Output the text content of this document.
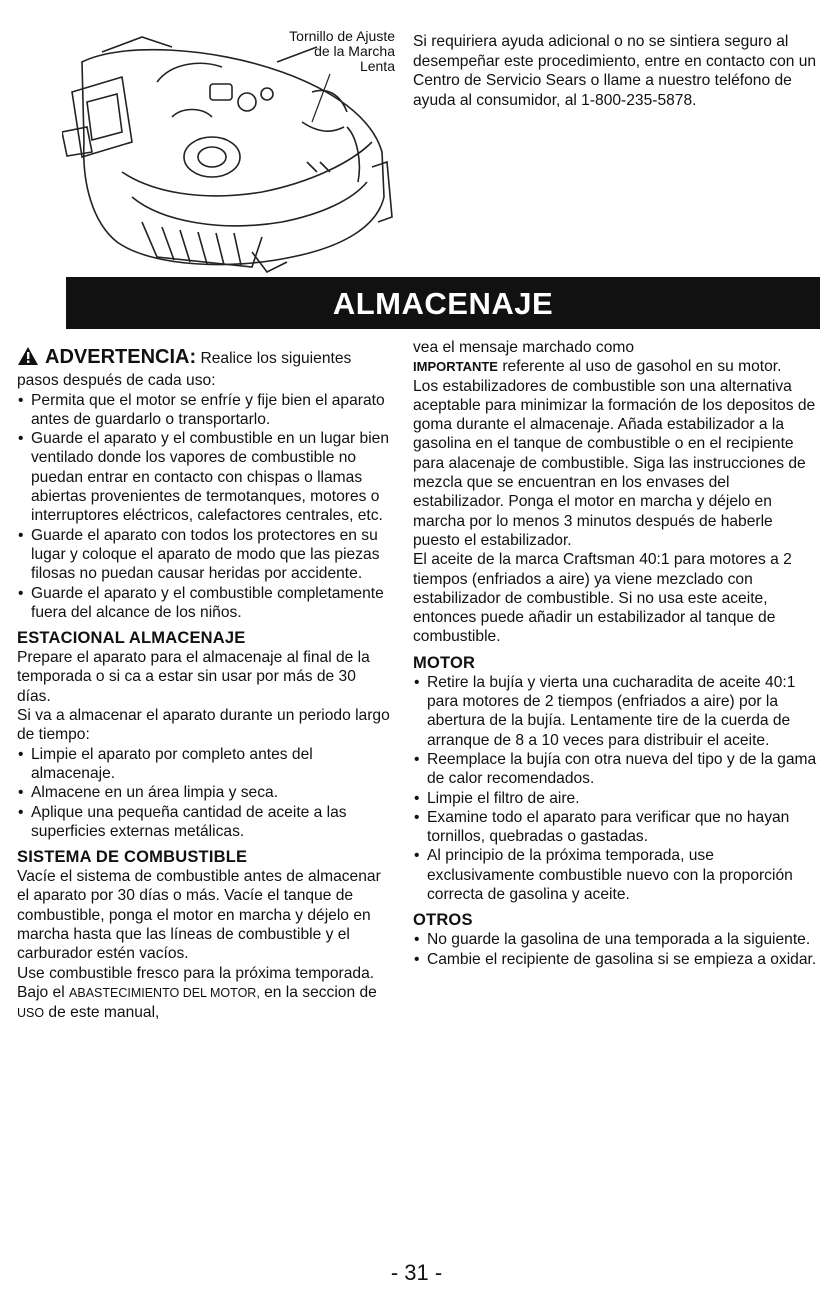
Tornillo de Ajuste
de la Marcha
Lenta
Si requiriera ayuda adicional o no se sintiera seguro al desempeñar este procedimiento, entre en contacto con un Centro de Servicio Sears o llame a nuestro teléfono de ayuda al consumidor, al 1-800-235-5878.
ALMACENAJE

ADVERTENCIA: Realice los siguientes pasos después de cada uso:

• Permita que el motor se enfríe y fije bien el aparato antes de guardarlo o transportarlo.
• Guarde el aparato y el combustible en un lugar bien ventilado donde los vapores de combustible no puedan entrar en contacto con chispas o llamas abiertas provenientes de termotanques, motores o interruptores eléctricos, calefactores centrales, etc.
• Guarde el aparato con todos los protectores en su lugar y coloque el aparato de modo que las piezas filosas no puedan causar heridas por accidente.
• Guarde el aparato y el combustible completamente fuera del alcance de los niños.
ESTACIONAL ALMACENAJE

Prepare el aparato para el almacenaje al final de la temporada o si ca a estar sin usar por más de 30 días.

Si va a almacenar el aparato durante un periodo largo de tiempo:

• Limpie el aparato por completo antes del almacenaje.
• Almacene en un área limpia y seca.
• Aplique una pequeña cantidad de aceite a las superficies externas metálicas.
SISTEMA DE COMBUSTIBLE

Vacíe el sistema de combustible antes de almacenar el aparato por 30 días o más. Vacíe el tanque de combustible, ponga el motor en marcha y déjelo en marcha hasta que las líneas de combustible y el carburador estén vacíos.

Use combustible fresco para la próxima temporada.

Bajo el ABASTECIMIENTO DEL MOTOR, en la seccion de USO de este manual,

vea el mensaje marchado como
IMPORTANTE referente al uso de gasohol en su motor.

Los estabilizadores de combustible son una alternativa aceptable para minimizar la formación de los depositos de goma durante el almacenaje. Añada estabilizador a la gasolina en el tanque de combustible o en el recipiente para alacenaje de combustible. Siga las instrucciones de mezcla que se encuentran en los envases del estabilizador. Ponga el motor en marcha y déjelo en marcha por lo menos 3 minutos después de haberle puesto el estabilizador.

El aceite de la marca Craftsman 40:1 para motores a 2 tiempos (enfriados a aire) ya viene mezclado con estabilizador de combustible. Si no usa este aceite, entonces puede añadir un estabilizador al tanque de combustible.

MOTOR
• Retire la bujía y vierta una cucharadita de aceite 40:1 para motores de 2 tiempos (enfriados a aire) por la abertura de la bujía. Lentamente tire de la cuerda de arranque de 8 a 10 veces para distribuir el aceite.
• Reemplace la bujía con otra nueva del tipo y de la gama de calor recomendados.
• Limpie el filtro de aire.
• Examine todo el aparato para verificar que no hayan tornillos, quebradas o gastadas.
• Al principio de la próxima temporada, use exclusivamente combustible nuevo con la proporción correcta de gasolina y aceite.
OTROS
• No guarde la gasolina de una temporada a la siguiente.
• Cambie el recipiente de gasolina si se empieza a oxidar.
- 31 -
